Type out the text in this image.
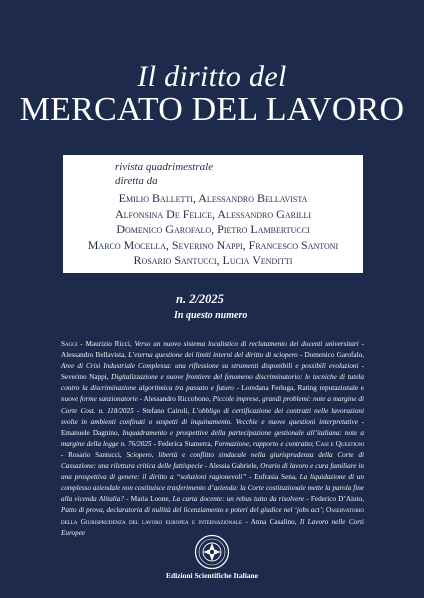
Il diritto del
MERCATO DEL LAVORO
rivista quadrimestrale
diretta da
Emilio Balletti, Alessandro Bellavista
Alfonsina De Felice, Alessandro Garilli
Domenico Garofalo, Pietro Lambertucci
Marco Mocella, Severino Nappi, Francesco Santoni
Rosario Santucci, Lucia Venditti
n. 2/2025
In questo numero
Saggi - Maurizio Ricci, Verso un nuovo sistema localistico di reclutamento dei docenti universitari - Alessandro Bellavista, L’eterna questione dei limiti interni del diritto di sciopero - Domenico Garofalo, Aree di Crisi Industriale Complessa: una riflessione su strumenti disponibili e possibili evoluzioni - Severino Nappi, Digitalizzazione e nuove frontiere del fenomeno discriminatorio: le tecniche di tutela contro la discriminazione algoritmica tra passato e futuro - Loredana Ferluga, Rating reputazionale e nuove forme sanzionatorie - Alessandro Riccobono, Piccole imprese, grandi problemi: note a margine di Corte Cost. n. 118/2025 - Stefano Cairoli, L’obbligo di certificazione dei contratti nelle lavorazioni svolte in ambienti confinati o sospetti di inquinamento. Vecchie e nuove questioni interpretative - Emanuele Dagnino, Inquadramento e prospettive della partecipazione gestionale all’italiana: note a margine della legge n. 76/2025 - Federica Stamerra, Formazione, rapporto e contratto; Casi e Questioni - Rosario Santucci, Sciopero, libertà e conflitto sindacale nella giurisprudenza della Corte di Cassazione: una rilettura critica delle fattispecie - Alessia Gabriele, Orario di lavoro e cura familiare in una prospettiva di genere: il diritto a “soluzioni ragionevoli” - Eufrasia Sena, La liquidazione di un complesso aziendale non costituisce trasferimento d’azienda: la Corte costituzionale mette la parola fine alla vicenda Alitalia? - Maria Loone, La carta docente: un rebus tutto da risolvere - Federico D’Aiuto, Patto di prova, declaratoria di nullità del licenziamento e poteri del giudice nel ‘jobs act’; Osservatorio della Giurisprudenza del lavoro europea e internazionale - Anna Casalino, Il Lavoro nelle Corti Europee
Edizioni Scientifiche Italiane
